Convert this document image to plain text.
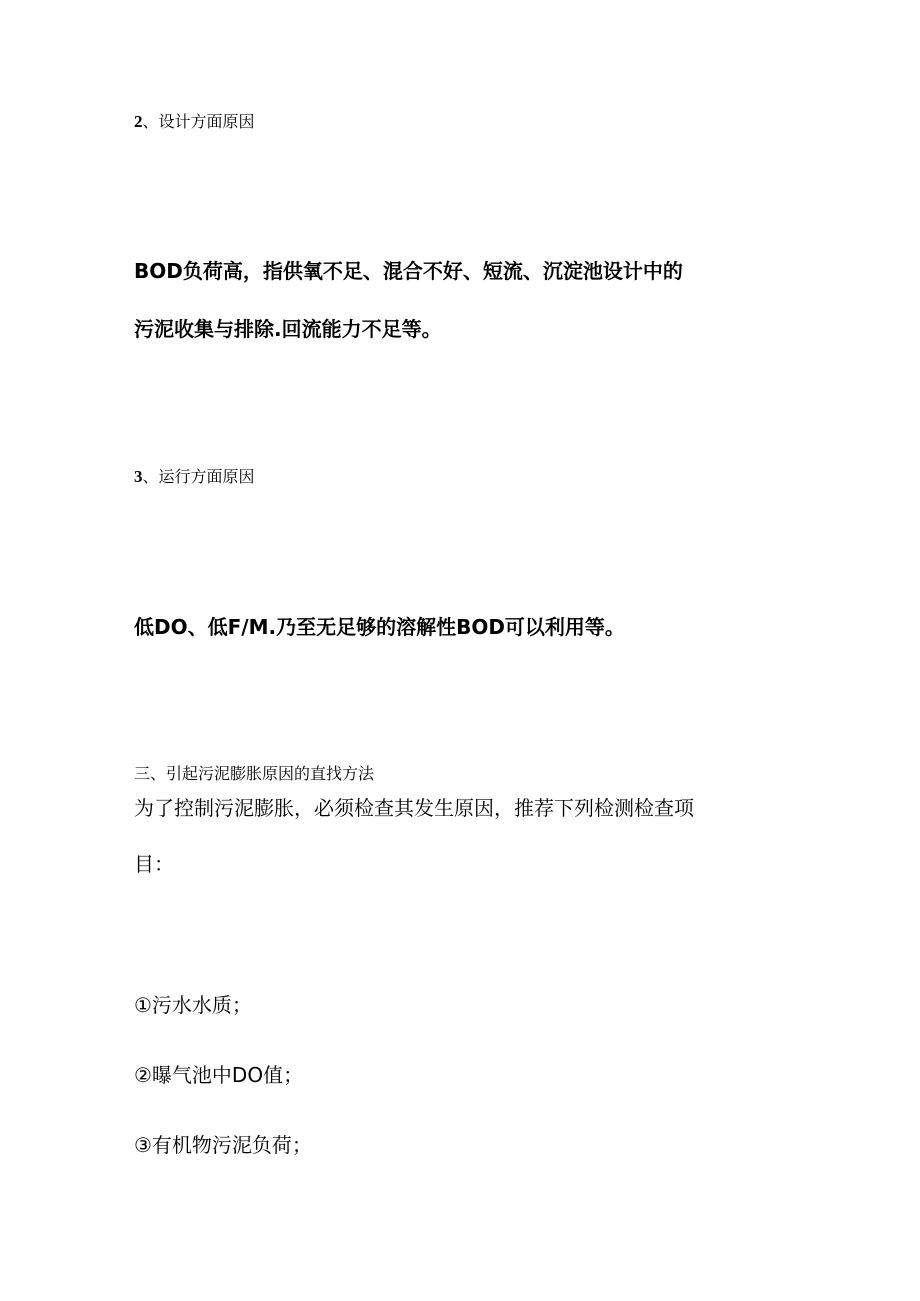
2、设计方面原因
BOD负荷高，指供氧不足、混合不好、短流、沉淀池设计中的
污泥收集与排除.回流能力不足等。
3、运行方面原因
低DO、低F/M.乃至无足够的溶解性BOD可以利用等。
三、引起污泥膨胀原因的直找方法
为了控制污泥膨胀，必须检查其发生原因，推荐下列检测检查项
目：
①污水水质；
②曝气池中DO值；
③有机物污泥负荷；
